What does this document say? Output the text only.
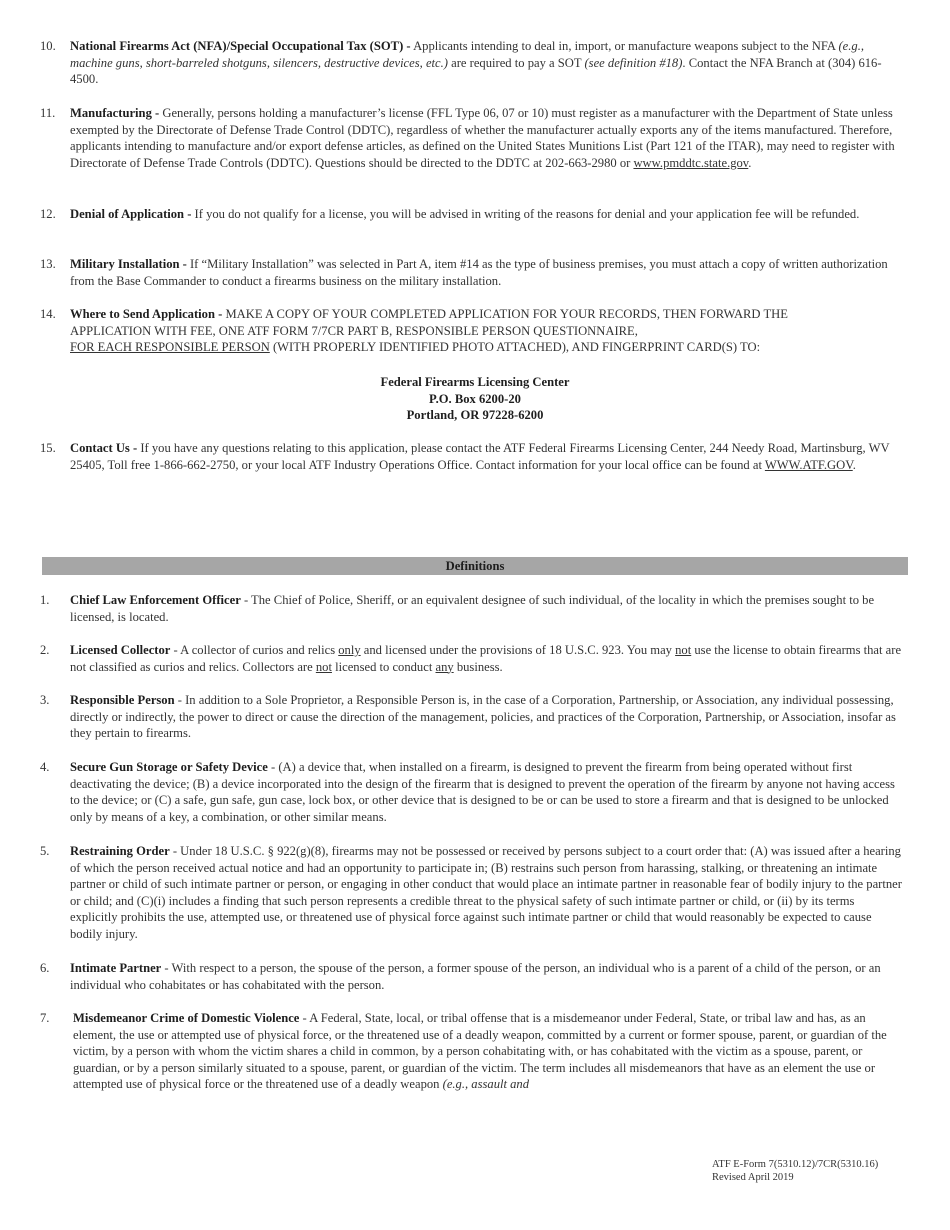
10.	National Firearms Act (NFA)/Special Occupational Tax (SOT) - Applicants intending to deal in, import, or manufacture weapons subject to the NFA (e.g., machine guns, short-barreled shotguns, silencers, destructive devices, etc.) are required to pay a SOT (see definition #18). Contact the NFA Branch at (304) 616-4500.
11.	Manufacturing - Generally, persons holding a manufacturer’s license (FFL Type 06, 07 or 10) must register as a manufacturer with the Department of State unless exempted by the Directorate of Defense Trade Control (DDTC), regardless of whether the manufacturer actually exports any of the items manufactured. Therefore, applicants intending to manufacture and/or export defense articles, as defined on the United States Munitions List (Part 121 of the ITAR), may need to register with Directorate of Defense Trade Controls (DDTC). Questions should be directed to the DDTC at 202-663-2980 or www.pmddtc.state.gov.
12.	Denial of Application - If you do not qualify for a license, you will be advised in writing of the reasons for denial and your application fee will be refunded.
13.	Military Installation - If “Military Installation” was selected in Part A, item #14 as the type of business premises, you must attach a copy of written authorization from the Base Commander to conduct a firearms business on the military installation.
14.	Where to Send Application - MAKE A COPY OF YOUR COMPLETED APPLICATION FOR YOUR RECORDS, THEN FORWARD THE APPLICATION WITH FEE, ONE ATF FORM 7/7CR PART B, RESPONSIBLE PERSON QUESTIONNAIRE,
FOR EACH RESPONSIBLE PERSON (WITH PROPERLY IDENTIFIED PHOTO ATTACHED), AND FINGERPRINT CARD(S) TO:
Federal Firearms Licensing Center
P.O. Box 6200-20
Portland, OR 97228-6200
15.	Contact Us - If you have any questions relating to this application, please contact the ATF Federal Firearms Licensing Center, 244 Needy Road, Martinsburg, WV 25405, Toll free 1-866-662-2750, or your local ATF Industry Operations Office. Contact information for your local office can be found at WWW.ATF.GOV.
Definitions
1.	Chief Law Enforcement Officer - The Chief of Police, Sheriff, or an equivalent designee of such individual, of the locality in which the premises sought to be licensed, is located.
2.	Licensed Collector - A collector of curios and relics only and licensed under the provisions of 18 U.S.C. 923. You may not use the license to obtain firearms that are not classified as curios and relics. Collectors are not licensed to conduct any business.
3.	Responsible Person - In addition to a Sole Proprietor, a Responsible Person is, in the case of a Corporation, Partnership, or Association, any individual possessing, directly or indirectly, the power to direct or cause the direction of the management, policies, and practices of the Corporation, Partnership, or Association, insofar as they pertain to firearms.
4.	Secure Gun Storage or Safety Device - (A) a device that, when installed on a firearm, is designed to prevent the firearm from being operated without first deactivating the device; (B) a device incorporated into the design of the firearm that is designed to prevent the operation of the firearm by anyone not having access to the device; or (C) a safe, gun safe, gun case, lock box, or other device that is designed to be or can be used to store a firearm and that is designed to be unlocked only by means of a key, a combination, or other similar means.
5.	Restraining Order - Under 18 U.S.C. § 922(g)(8), firearms may not be possessed or received by persons subject to a court order that: (A) was issued after a hearing of which the person received actual notice and had an opportunity to participate in; (B) restrains such person from harassing, stalking, or threatening an intimate partner or child of such intimate partner or person, or engaging in other conduct that would place an intimate partner in reasonable fear of bodily injury to the partner or child; and (C)(i) includes a finding that such person represents a credible threat to the physical safety of such intimate partner or child, or (ii) by its terms explicitly prohibits the use, attempted use, or threatened use of physical force against such intimate partner or child that would reasonably be expected to cause bodily injury.
6.	Intimate Partner - With respect to a person, the spouse of the person, a former spouse of the person, an individual who is a parent of a child of the person, or an individual who cohabitates or has cohabitated with the person.
7.	Misdemeanor Crime of Domestic Violence - A Federal, State, local, or tribal offense that is a misdemeanor under Federal, State, or tribal law and has, as an element, the use or attempted use of physical force, or the threatened use of a deadly weapon, committed by a current or former spouse, parent, or guardian of the victim, by a person with whom the victim shares a child in common, by a person cohabitating with, or has cohabitated with the victim as a spouse, parent, or guardian, or by a person similarly situated to a spouse, parent, or guardian of the victim. The term includes all misdemeanors that have as an element the use or attempted use of physical force or the threatened use of a deadly weapon (e.g., assault and
ATF E-Form 7(5310.12)/7CR(5310.16)
Revised April 2019
